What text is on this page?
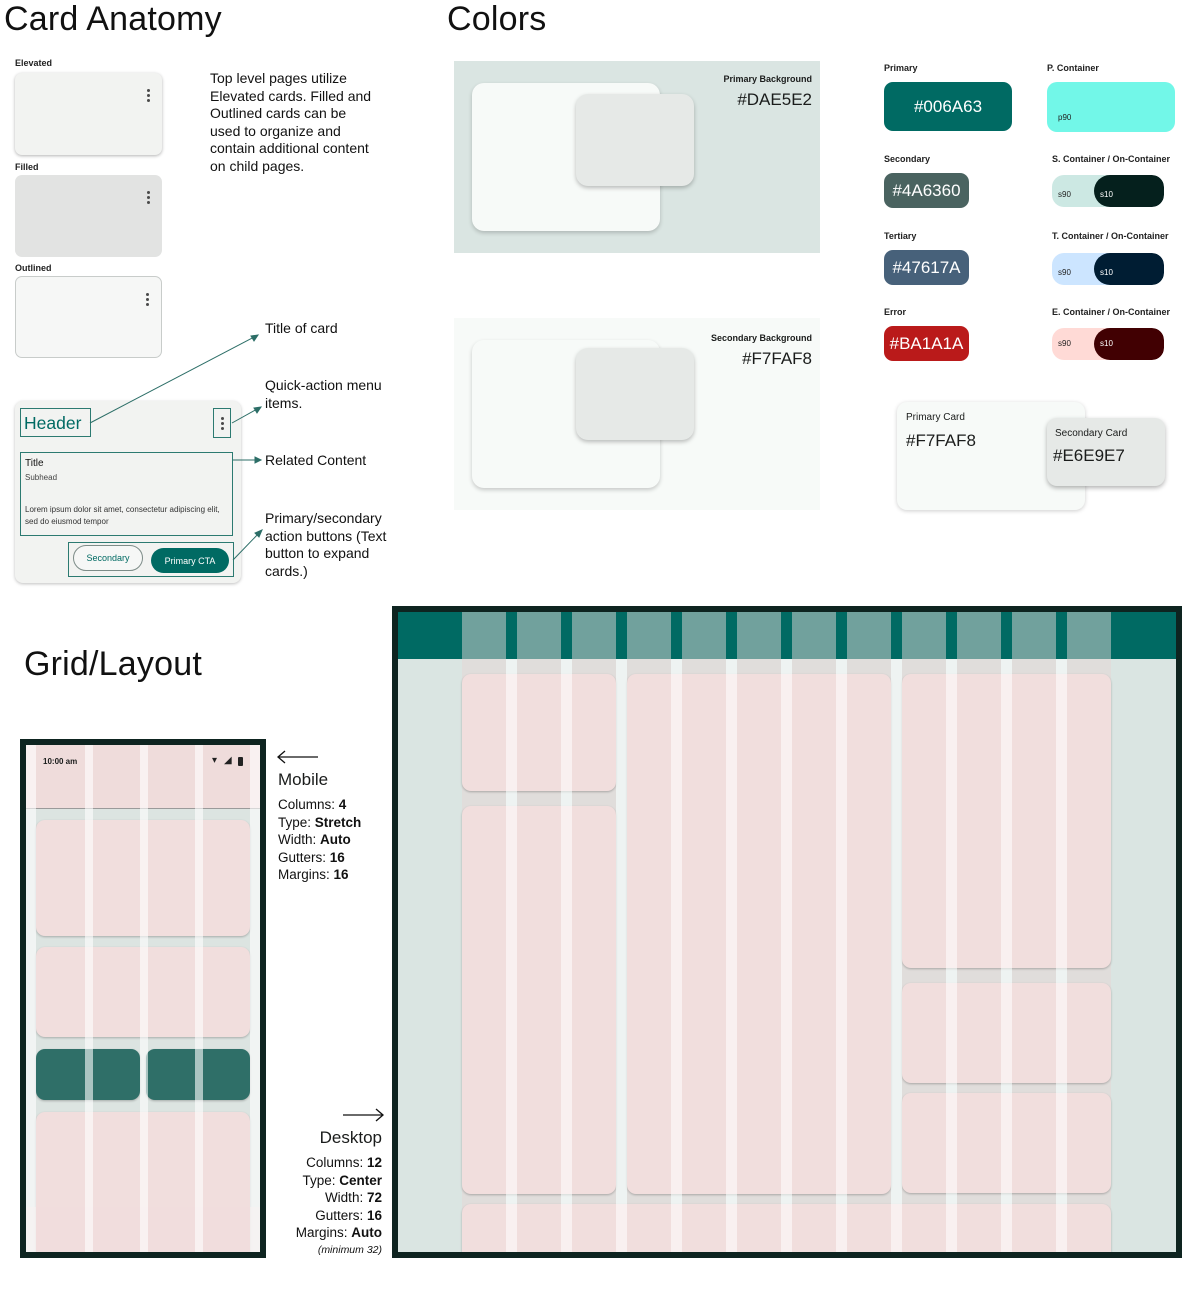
Card Anatomy
Elevated
Filled
Outlined
Top level pages utilize Elevated cards. Filled and Outlined cards can be used to organize and contain additional content on child pages.
Header
Title
Subhead
Lorem ipsum dolor sit amet, consectetur adipiscing elit, sed do eiusmod tempor
Secondary	Primary CTA
Title of card
Quick-action menu items.
Related Content
Primary/secondary action buttons (Text button to expand cards.)
Colors
Primary Background
#DAE5E2
Secondary Background
#F7FAF8
Primary
#006A63
Secondary
#4A6360
Tertiary
#47617A
Error
#BA1A1A
P. Container
p90
S. Container / On-Container
s90	s10
T. Container / On-Container
s90	s10
E. Container / On-Container
s90	s10
Primary Card
#F7FAF8	Secondary Card
#E6E9E7
Grid/Layout
10:00 am	▾ ◢
Mobile
Columns: 4
Type: Stretch
Width: Auto
Gutters: 16
Margins: 16
Desktop
Columns: 12
Type: Center
Width: 72
Gutters: 16
Margins: Auto
(minimum 32)
